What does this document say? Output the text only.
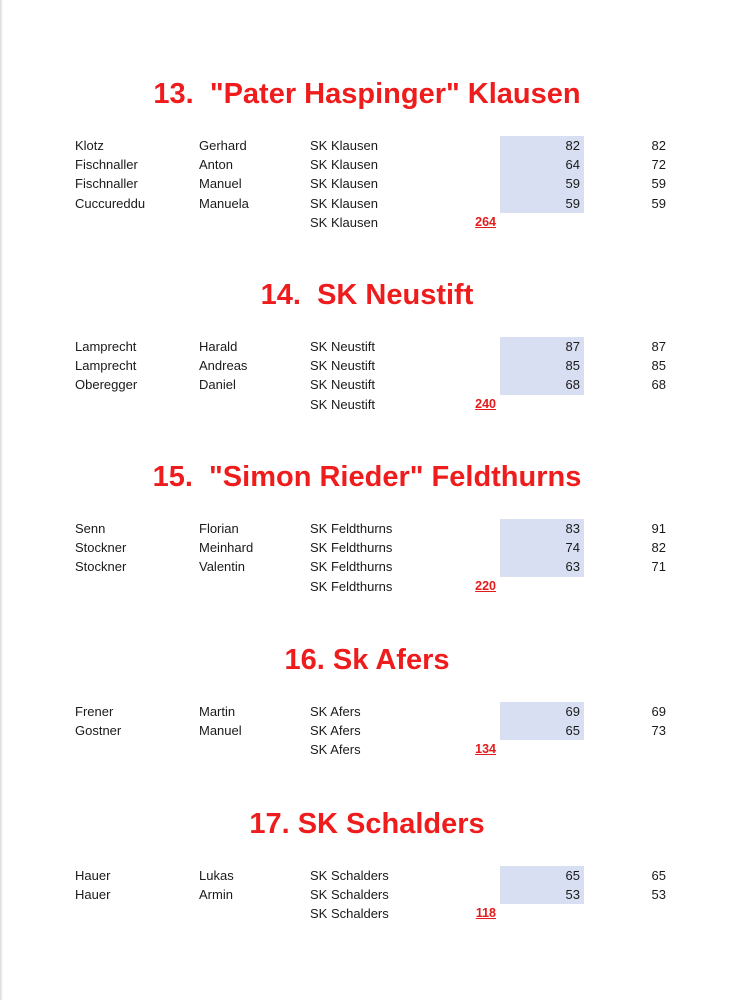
13.  "Pater Haspinger" Klausen
Klotz	Gerhard	SK Klausen	82	82
Fischnaller	Anton	SK Klausen	64	72
Fischnaller	Manuel	SK Klausen	59	59
Cuccureddu	Manuela	SK Klausen	59	59
SK Klausen	264
14.  SK Neustift
Lamprecht	Harald	SK Neustift	87	87
Lamprecht	Andreas	SK Neustift	85	85
Oberegger	Daniel	SK Neustift	68	68
SK Neustift	240
15.  "Simon Rieder" Feldthurns
Senn	Florian	SK Feldthurns	83	91
Stockner	Meinhard	SK Feldthurns	74	82
Stockner	Valentin	SK Feldthurns	63	71
SK Feldthurns	220
16. Sk Afers
Frener	Martin	SK Afers	69	69
Gostner	Manuel	SK Afers	65	73
SK Afers	134
17. SK Schalders
Hauer	Lukas	SK Schalders	65	65
Hauer	Armin	SK Schalders	53	53
SK Schalders	118
